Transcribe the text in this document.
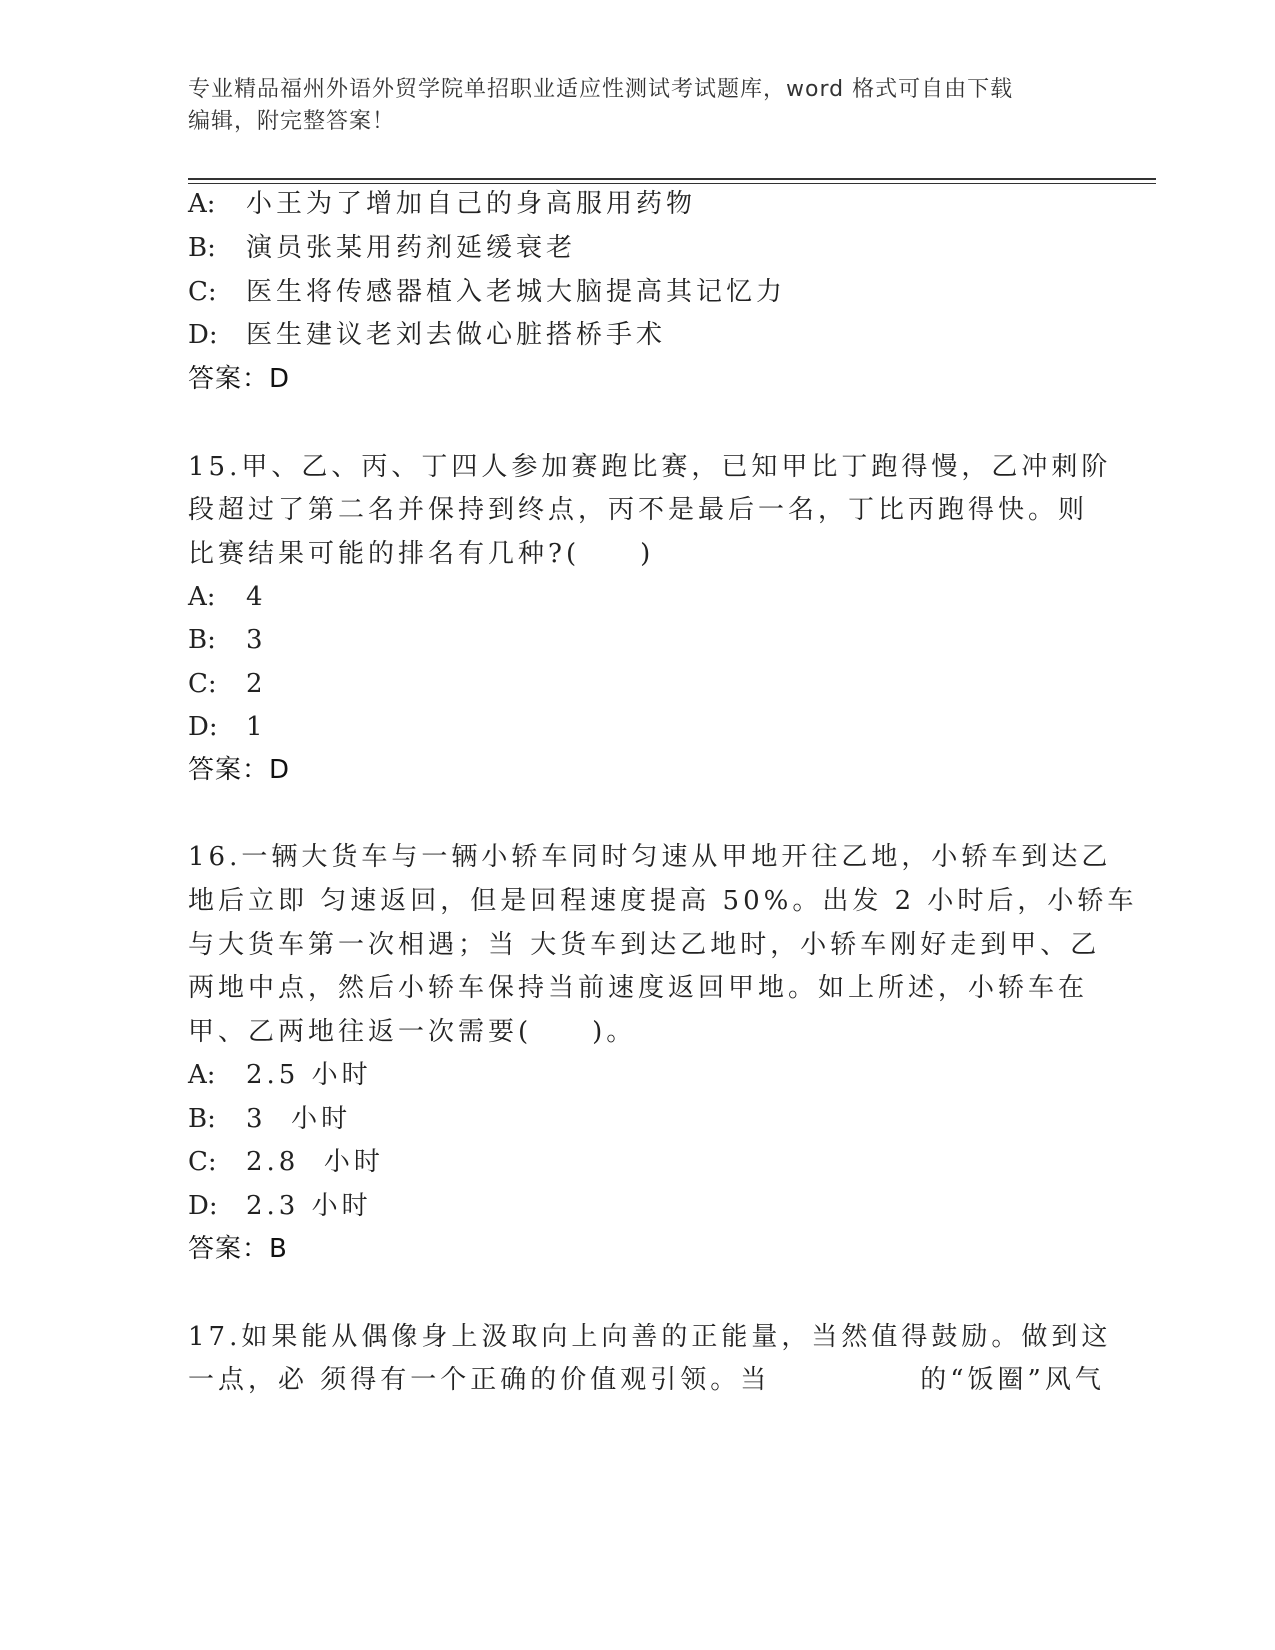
专业精品福州外语外贸学院单招职业适应性测试考试题库，word 格式可自由下载
编辑，附完整答案！
A: 小王为了增加自己的身高服用药物
B: 演员张某用药剂延缓衰老
C: 医生将传感器植入老城大脑提高其记忆力
D: 医生建议老刘去做心脏搭桥手术
答案：D
15.甲、乙、丙、丁四人参加赛跑比赛，已知甲比丁跑得慢，乙冲刺阶
段超过了第二名并保持到终点，丙不是最后一名，丁比丙跑得快。则
比赛结果可能的排名有几种?(　　)
A: 4
B: 3
C: 2
D: 1
答案：D
16.一辆大货车与一辆小轿车同时匀速从甲地开往乙地，小轿车到达乙
地后立即 匀速返回，但是回程速度提高 50%。出发 2 小时后，小轿车
与大货车第一次相遇；当 大货车到达乙地时，小轿车刚好走到甲、乙
两地中点，然后小轿车保持当前速度返回甲地。如上所述，小轿车在
甲、乙两地往返一次需要(　　)。
A: 2.5 小时
B: 3  小时
C: 2.8  小时
D: 2.3 小时
答案：B
17.如果能从偶像身上汲取向上向善的正能量，当然值得鼓励。做到这
一点，必 须得有一个正确的价值观引领。当　　　　　的“饭圈”风气
